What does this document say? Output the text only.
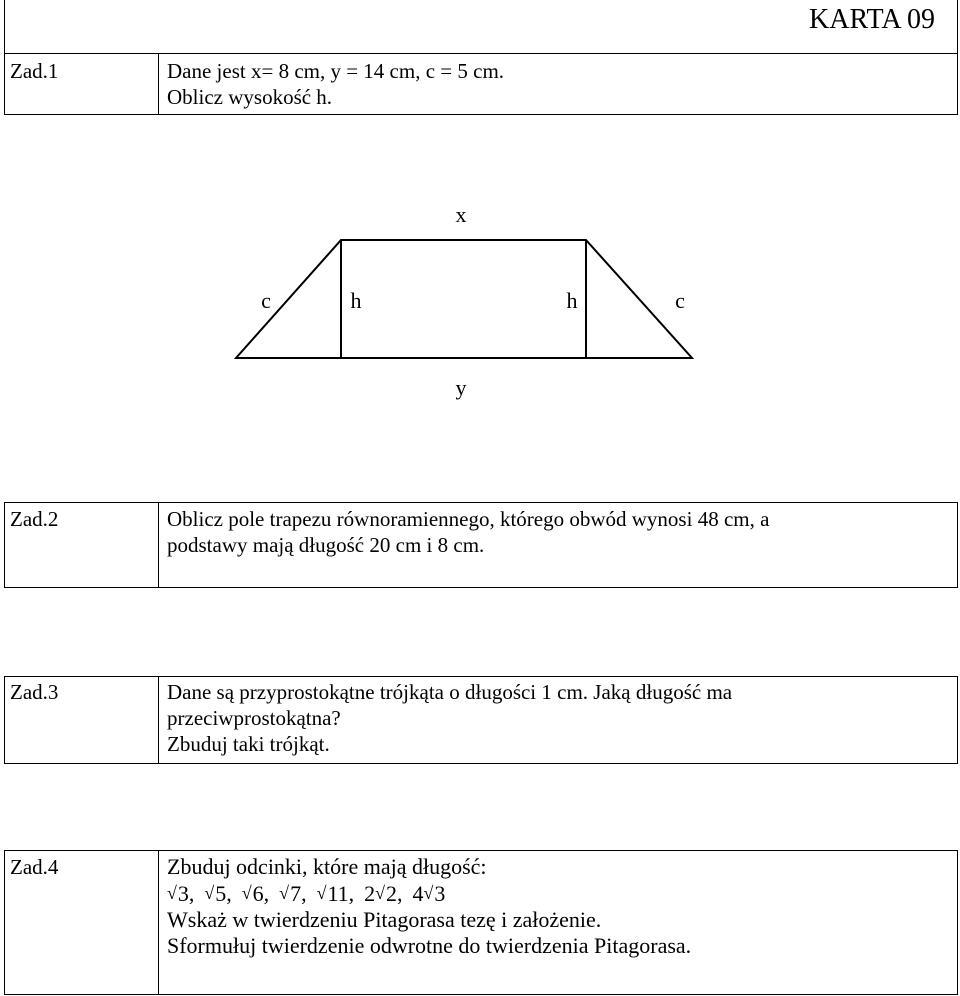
KARTA 09
Zad.1	Dane jest x= 8 cm, y = 14 cm, c = 5 cm.
Oblicz wysokość h.
x
y
c	h	h	c
Zad.2	Oblicz pole trapezu równoramiennego, którego obwód wynosi 48 cm, a
podstawy mają długość 20 cm i 8 cm.
Zad.3	Dane są przyprostokątne trójkąta o długości 1 cm. Jaką długość ma
przeciwprostokątna?
Zbuduj taki trójkąt.
Zad.4	Zbuduj odcinki, które mają długość:
√3, √5, √6, √7, √11, 2√2, 4√3
Wskaż w twierdzeniu Pitagorasa tezę i założenie.
Sformułuj twierdzenie odwrotne do twierdzenia Pitagorasa.
